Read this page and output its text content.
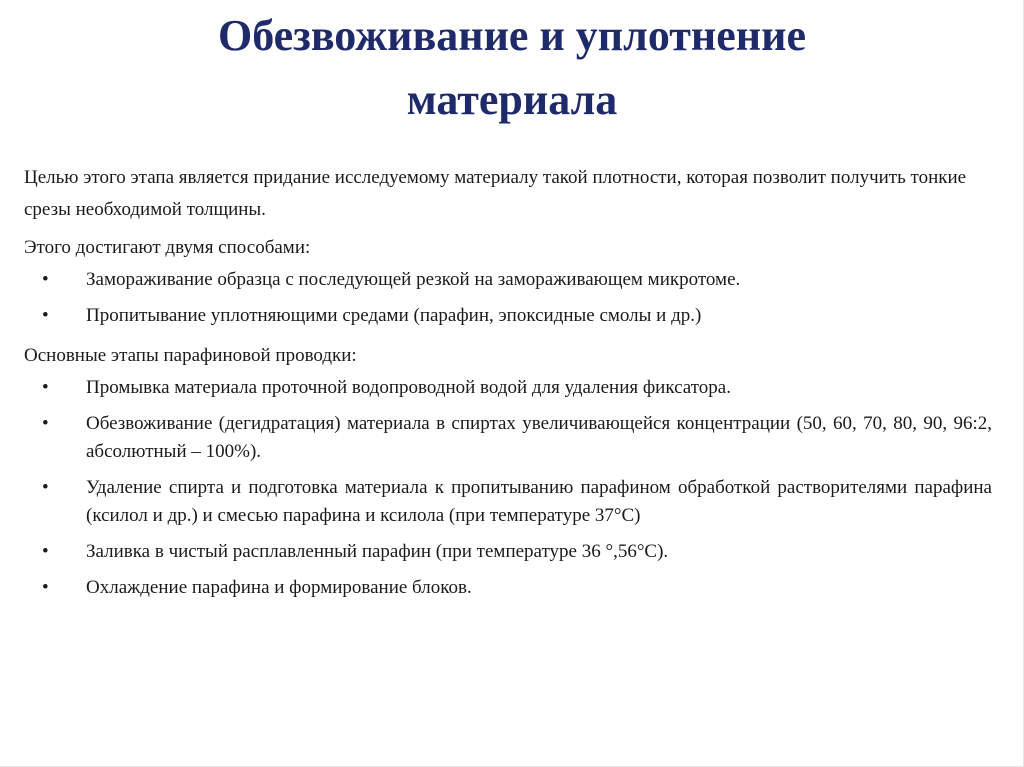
Обезвоживание и уплотнение
материала

Целью этого этапа является придание исследуемому материалу такой плотности, которая позволит получить тонкие срезы необходимой толщины.

Этого достигают двумя способами:

• Замораживание образца с последующей резкой на замораживающем микротоме.
• Пропитывание уплотняющими средами (парафин, эпоксидные смолы и др.)

Основные этапы парафиновой проводки:

• Промывка материала проточной водопроводной водой для удаления фиксатора.
• Обезвоживание (дегидратация) материала в спиртах увеличивающейся концентрации (50, 60, 70, 80, 90, 96:2, абсолютный – 100%).
• Удаление спирта и подготовка материала к пропитыванию парафином обработкой растворителями парафина (ксилол и др.) и смесью парафина и ксилола (при температуре 37°С)
• Заливка в чистый расплавленный парафин (при температуре 36 °,56°С).
• Охлаждение парафина и формирование блоков.
